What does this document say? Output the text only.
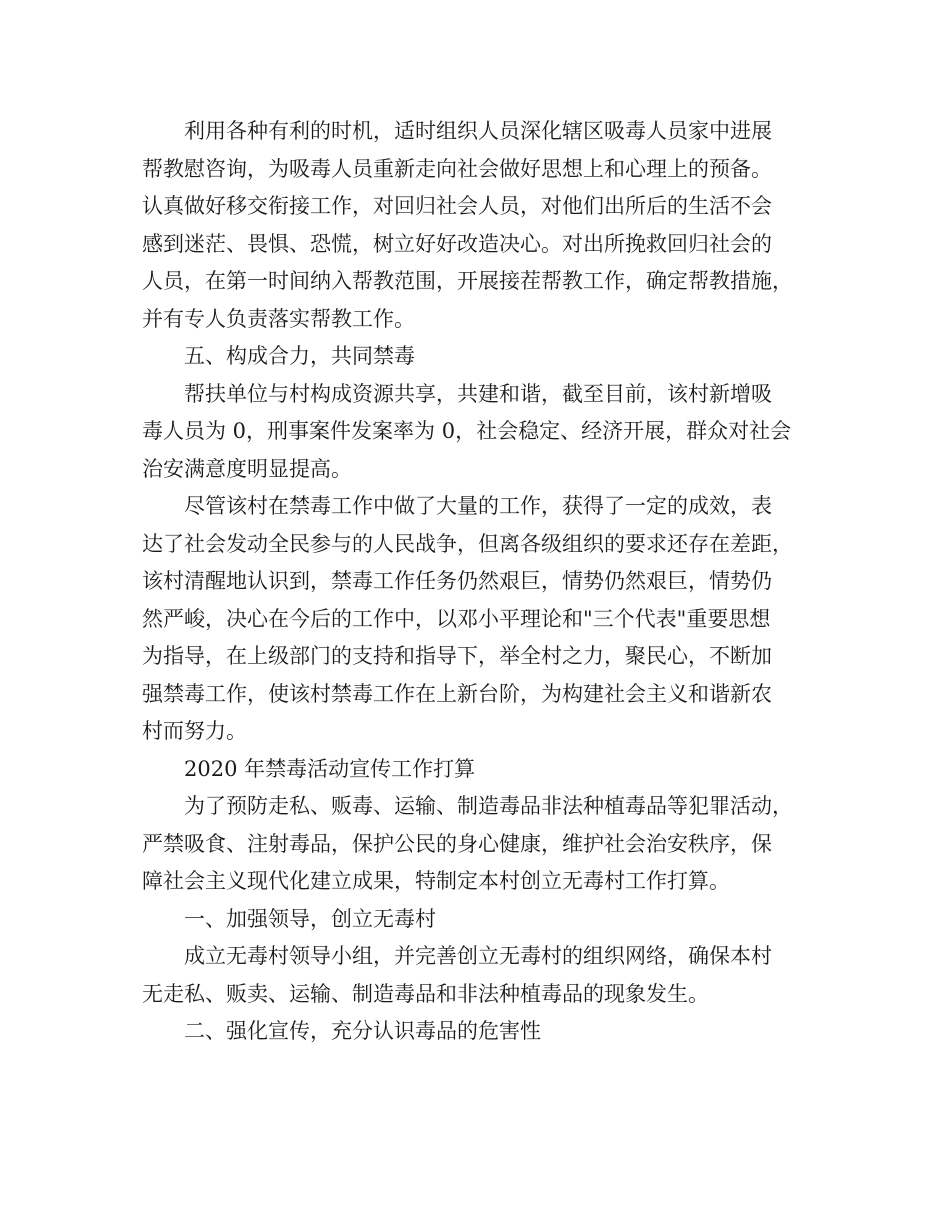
利用各种有利的时机，适时组织人员深化辖区吸毒人员家中进展
帮教慰咨询，为吸毒人员重新走向社会做好思想上和心理上的预备。
认真做好移交衔接工作，对回归社会人员，对他们出所后的生活不会
感到迷茫、畏惧、恐慌，树立好好改造决心。对出所挽救回归社会的
人员，在第一时间纳入帮教范围，开展接茬帮教工作，确定帮教措施，
并有专人负责落实帮教工作。
五、构成合力，共同禁毒
帮扶单位与村构成资源共享，共建和谐，截至目前，该村新增吸
毒人员为 0，刑事案件发案率为 0，社会稳定、经济开展，群众对社会
治安满意度明显提高。
尽管该村在禁毒工作中做了大量的工作，获得了一定的成效，表
达了社会发动全民参与的人民战争，但离各级组织的要求还存在差距，
该村清醒地认识到，禁毒工作任务仍然艰巨，情势仍然艰巨，情势仍
然严峻，决心在今后的工作中，以邓小平理论和"三个代表"重要思想
为指导，在上级部门的支持和指导下，举全村之力，聚民心，不断加
强禁毒工作，使该村禁毒工作在上新台阶，为构建社会主义和谐新农
村而努力。
2020 年禁毒活动宣传工作打算
为了预防走私、贩毒、运输、制造毒品非法种植毒品等犯罪活动，
严禁吸食、注射毒品，保护公民的身心健康，维护社会治安秩序，保
障社会主义现代化建立成果，特制定本村创立无毒村工作打算。
一、加强领导，创立无毒村
成立无毒村领导小组，并完善创立无毒村的组织网络，确保本村
无走私、贩卖、运输、制造毒品和非法种植毒品的现象发生。
二、强化宣传，充分认识毒品的危害性
